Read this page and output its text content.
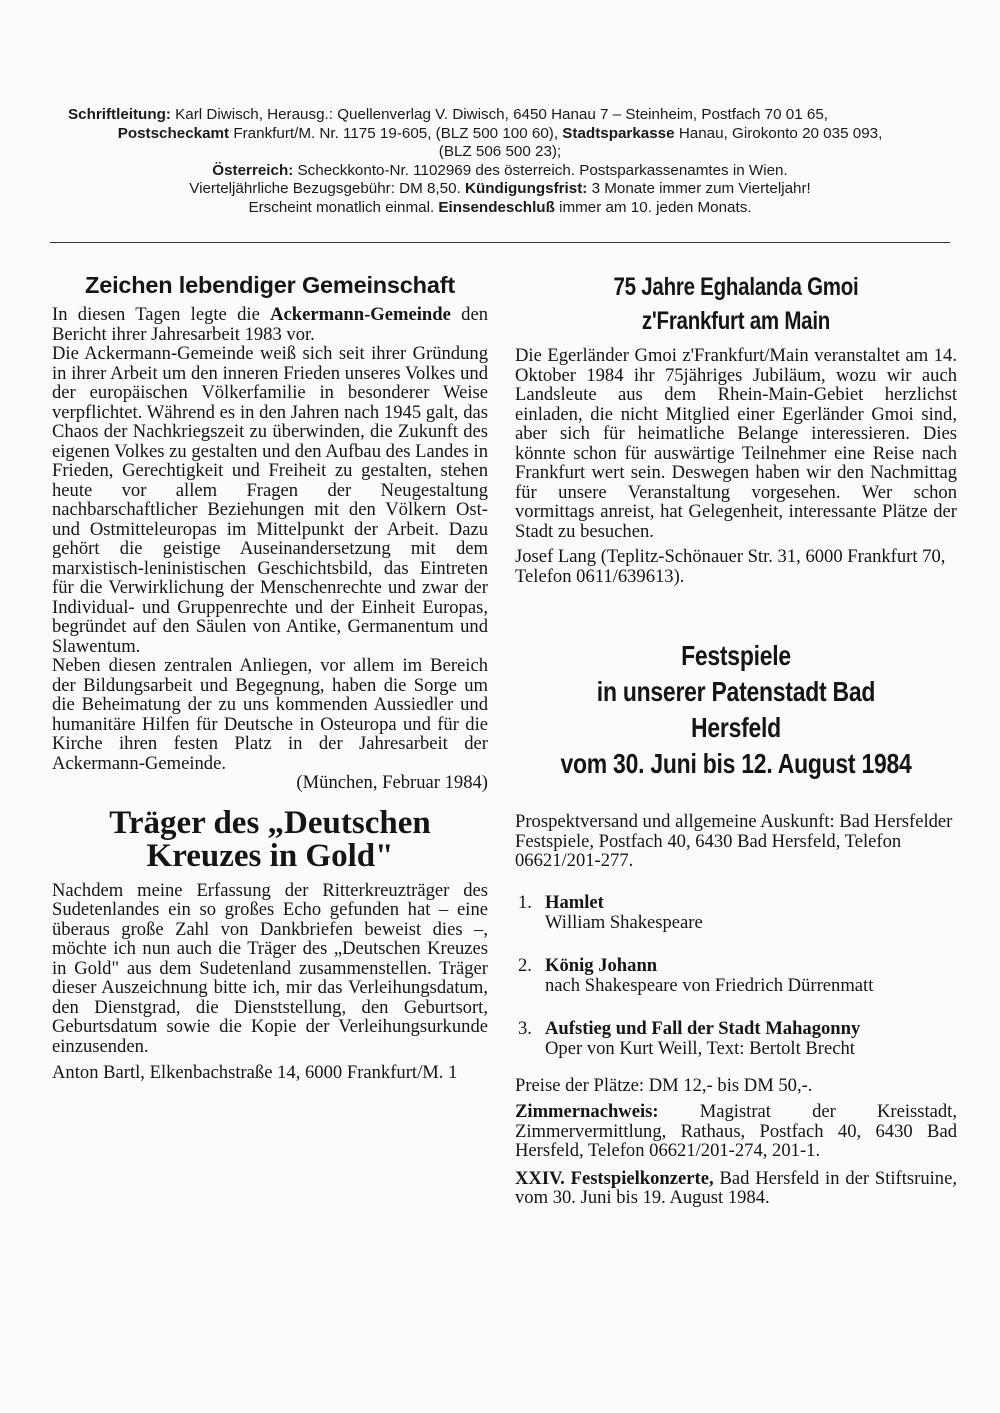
Schriftleitung: Karl Diwisch, Herausg.: Quellenverlag V. Diwisch, 6450 Hanau 7 – Steinheim, Postfach 70 01 65,
Postscheckamt Frankfurt/M. Nr. 1175 19-605, (BLZ 500 100 60), Stadtsparkasse Hanau, Girokonto 20 035 093,
(BLZ 506 500 23);
Österreich: Scheckkonto-Nr. 1102969 des österreich. Postsparkassenamtes in Wien.
Vierteljährliche Bezugsgebühr: DM 8,50. Kündigungsfrist: 3 Monate immer zum Vierteljahr!
Erscheint monatlich einmal. Einsendeschluß immer am 10. jeden Monats.
Zeichen lebendiger Gemeinschaft

In diesen Tagen legte die Ackermann-Gemeinde den Bericht ihrer Jahresarbeit 1983 vor.

Die Ackermann-Gemeinde weiß sich seit ihrer Gründung in ihrer Arbeit um den inneren Frieden unseres Volkes und der europäischen Völkerfamilie in besonderer Weise verpflichtet. Während es in den Jahren nach 1945 galt, das Chaos der Nachkriegszeit zu überwinden, die Zukunft des eigenen Volkes zu gestalten und den Aufbau des Landes in Frieden, Gerechtigkeit und Freiheit zu gestalten, stehen heute vor allem Fragen der Neugestaltung nachbarschaftlicher Beziehungen mit den Völkern Ost- und Ostmitteleuropas im Mittelpunkt der Arbeit. Dazu gehört die geistige Auseinandersetzung mit dem marxistisch-leninistischen Geschichtsbild, das Eintreten für die Verwirklichung der Menschenrechte und zwar der Individual- und Gruppenrechte und der Einheit Europas, begründet auf den Säulen von Antike, Germanentum und Slawentum.

Neben diesen zentralen Anliegen, vor allem im Bereich der Bildungsarbeit und Begegnung, haben die Sorge um die Beheimatung der zu uns kommenden Aussiedler und humanitäre Hilfen für Deutsche in Osteuropa und für die Kirche ihren festen Platz in der Jahresarbeit der Ackermann-Gemeinde.

(München, Februar 1984)

Träger des „Deutschen
Kreuzes in Gold"

Nachdem meine Erfassung der Ritterkreuzträger des Sudetenlandes ein so großes Echo gefunden hat – eine überaus große Zahl von Dankbriefen beweist dies –, möchte ich nun auch die Träger des „Deutschen Kreuzes in Gold" aus dem Sudetenland zusammenstellen. Träger dieser Auszeichnung bitte ich, mir das Verleihungsdatum, den Dienstgrad, die Dienststellung, den Geburtsort, Geburtsdatum sowie die Kopie der Verleihungsurkunde einzusenden.

Anton Bartl, Elkenbachstraße 14, 6000 Frankfurt/M. 1

75 Jahre Eghalanda Gmoi
z'Frankfurt am Main

Die Egerländer Gmoi z'Frankfurt/Main veranstaltet am 14. Oktober 1984 ihr 75jähriges Jubiläum, wozu wir auch Landsleute aus dem Rhein-Main-Gebiet herzlichst einladen, die nicht Mitglied einer Egerländer Gmoi sind, aber sich für heimatliche Belange interessieren. Dies könnte schon für auswärtige Teilnehmer eine Reise nach Frankfurt wert sein. Deswegen haben wir den Nachmittag für unsere Veranstaltung vorgesehen. Wer schon vormittags anreist, hat Gelegenheit, interessante Plätze der Stadt zu besuchen.

Josef Lang (Teplitz-Schönauer Str. 31, 6000 Frankfurt 70, Telefon 0611/639613).

Festspiele
in unserer Patenstadt Bad Hersfeld
vom 30. Juni bis 12. August 1984

Prospektversand und allgemeine Auskunft: Bad Hersfelder Festspiele, Postfach 40, 6430 Bad Hersfeld, Telefon 06621/201-277.

1. Hamlet
William Shakespeare
2. König Johann
nach Shakespeare von Friedrich Dürrenmatt
3. Aufstieg und Fall der Stadt Mahagonny
Oper von Kurt Weill, Text: Bertolt Brecht

Preise der Plätze: DM 12,- bis DM 50,-.

Zimmernachweis: Magistrat der Kreisstadt, Zimmervermittlung, Rathaus, Postfach 40, 6430 Bad Hersfeld, Telefon 06621/201-274, 201-1.

XXIV. Festspielkonzerte, Bad Hersfeld in der Stiftsruine, vom 30. Juni bis 19. August 1984.
